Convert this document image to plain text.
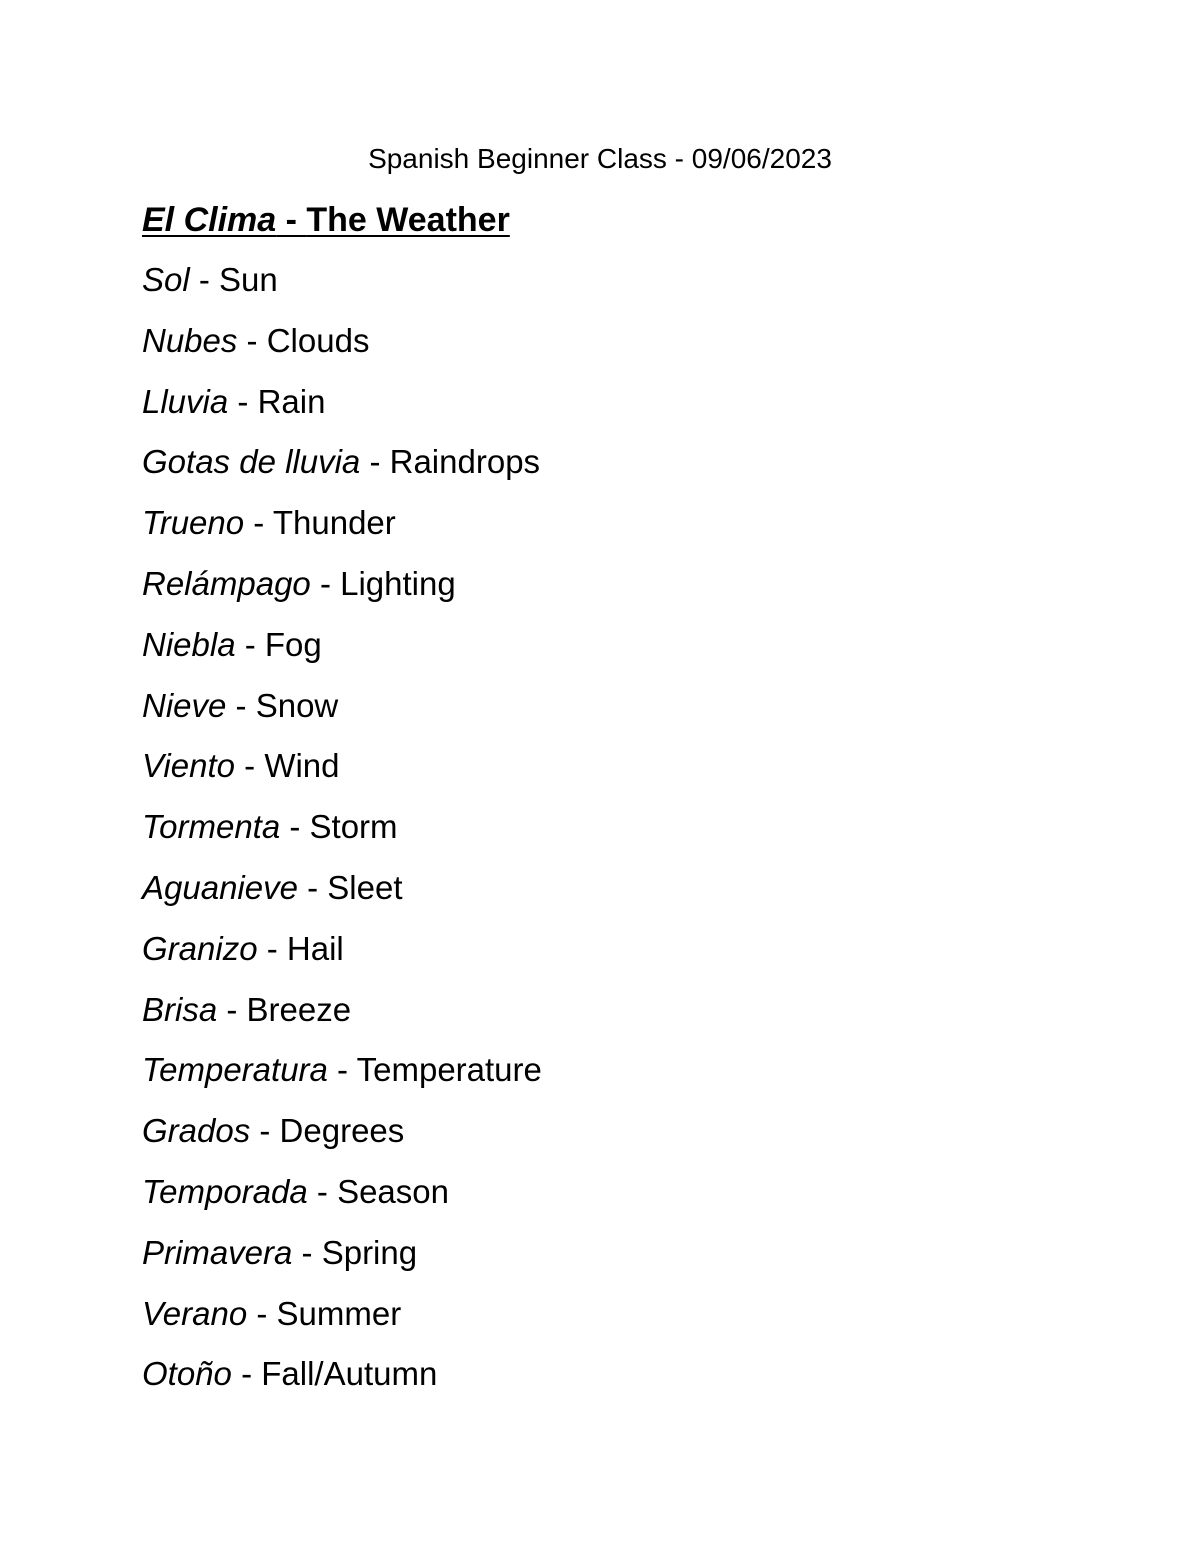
Spanish Beginner Class - 09/06/2023
El Clima - The Weather
Sol - Sun
Nubes - Clouds
Lluvia - Rain
Gotas de lluvia - Raindrops
Trueno - Thunder
Relámpago - Lighting
Niebla - Fog
Nieve - Snow
Viento - Wind
Tormenta - Storm
Aguanieve - Sleet
Granizo - Hail
Brisa - Breeze
Temperatura - Temperature
Grados - Degrees
Temporada - Season
Primavera - Spring
Verano - Summer
Otoño - Fall/Autumn
